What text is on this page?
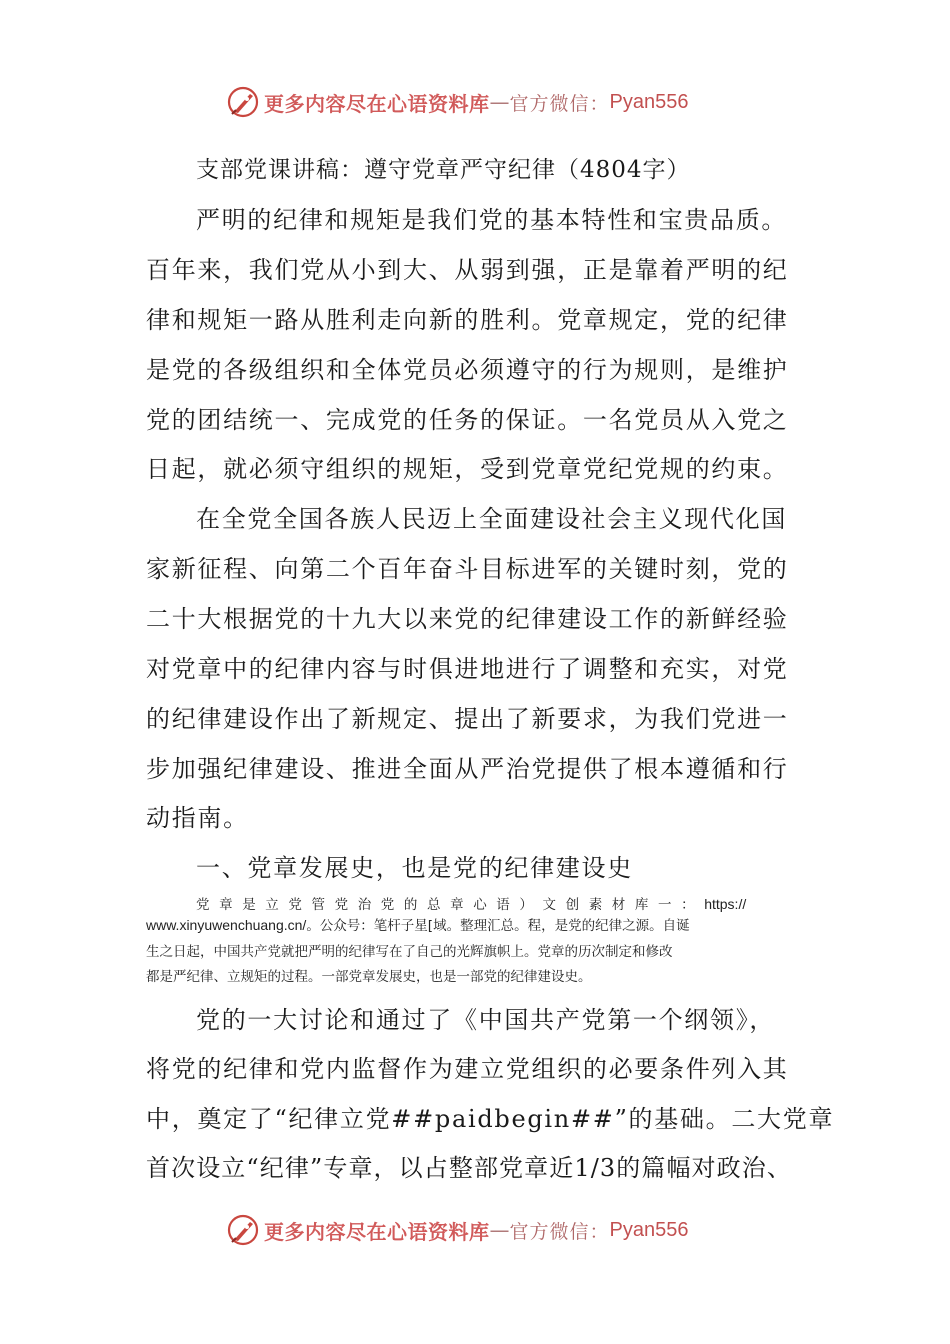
更多内容尽在心语资料库 — 官方微信： Pyan556

支部党课讲稿：遵守党章严守纪律（4804字）

严明的纪律和规矩是我们党的基本特性和宝贵品质。

百年来，我们党从小到大、从弱到强，正是靠着严明的纪

律和规矩一路从胜利走向新的胜利。党章规定，党的纪律

是党的各级组织和全体党员必须遵守的行为规则，是维护

党的团结统一、完成党的任务的保证。一名党员从入党之

日起，就必须守组织的规矩，受到党章党纪党规的约束。

在全党全国各族人民迈上全面建设社会主义现代化国

家新征程、向第二个百年奋斗目标进军的关键时刻，党的

二十大根据党的十九大以来党的纪律建设工作的新鲜经验

对党章中的纪律内容与时俱进地进行了调整和充实，对党

的纪律建设作出了新规定、提出了新要求，为我们党进一

步加强纪律建设、推进全面从严治党提供了根本遵循和行

动指南。

一、党章发展史，也是党的纪律建设史

党章是立党管党治党的总章心语）文创素材库一：https://

www.xinyuwenchuang.cn/。公众号：笔杆子星[域。整理汇总。程，是党的纪律之源。自诞

生之日起，中国共产党就把严明的纪律写在了自己的光辉旗帜上。党章的历次制定和修改

都是严纪律、立规矩的过程。一部党章发展史，也是一部党的纪律建设史。

党的一大讨论和通过了《中国共产党第一个纲领》，

将党的纪律和党内监督作为建立党组织的必要条件列入其

中，奠定了“纪律立党##paidbegin##”的基础。二大党章

首次设立“纪律”专章，以占整部党章近1/3的篇幅对政治、

更多内容尽在心语资料库 — 官方微信： Pyan556
